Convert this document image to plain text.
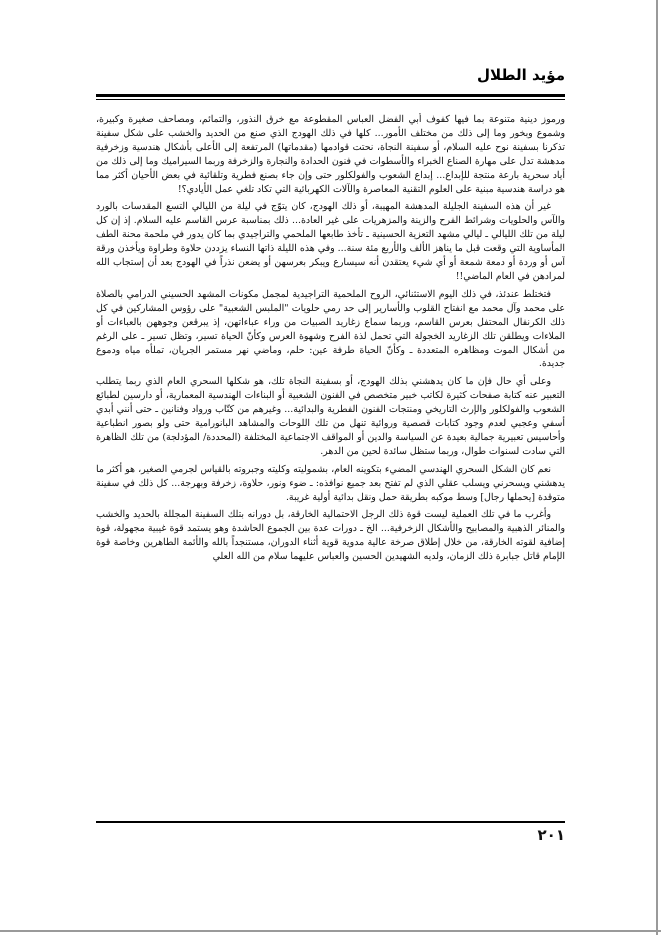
مؤيد الطلال

ورموز دينية متنوعة بما فيها كفوف أبي الفضل العباس المقطوعة مع خرق النذور، والتمائم، ومصاحف صغيرة وكبيرة، وشموع وبخور وما إلى ذلك من مختلف الأمور... كلها في ذلك الهودج الذي صنع من الحديد والخشب على شكل سفينة تذكرنا بسفينة نوح عليه السلام، أو سفينة النجاة، نحتت قوادمها (مقدماتها) المرتفعة إلى الأعلى بأشكال هندسية وزخرفية مدهشة تدل على مهارة الصناع الخبراء والأسطوات في فنون الحدادة والنجارة والزخرفة وربما السيراميك وما إلى ذلك من أياد سحرية بارعة منتجة للإبداع... إبداع الشعوب والفولكلور حتى وإن جاء بصنع فطرية وتلقائية في بعض الأحيان أكثر مما هو دراسة هندسية مبنية على العلوم التقنية المعاصرة والآلات الكهربائية التي تكاد تلغي عمل الأيادي؟!

غير أن هذه السفينة الجليلة المدهشة المهيبة، أو ذلك الهودج، كان يتوّج في ليلة من الليالي التسع المقدسات بالورد والآس والحلويات وشرائط الفرح والزينة والمزهريات على غير العادة... ذلك بمناسبة عرس القاسم عليه السلام. إذ إن كل ليلة من تلك الليالي ـ ليالي مشهد التعزية الحسينية ـ تأخذ طابعها الملحمي والتراجيدي بما كان يدور في ملحمة محنة الطف المأساوية التي وقعت قبل ما يناهز الألف والأربع مئة سنة... وفي هذه الليلة ذاتها النساء يزددن حلاوة وطراوة ويأخذن ورقة آس أو وردة أو دمعة شمعة أو أي شيء يعتقدن أنه سيسارع ويبكر بعرسهن أو يضعن نذراً في الهودج بعد أن إستجاب الله لمرادهن في العام الماضي!!

فتختلط عندئذ، في ذلك اليوم الاستثنائي، الروح الملحمية التراجيدية لمجمل مكونات المشهد الحسيني الدرامي بالصلاة على محمد وآل محمد مع انفتاح القلوب والأسارير إلى حد رمي حلويات "الملبس الشعبية" على رؤوس المشاركين في كل ذلك الكرنفال المحتفل بعرس القاسم، وربما سماع زغاريد الصبيات من وراء عباءاتهن، إذ يبرقعن وجوههن بالعباءات أو الملاءات ويطلقن تلك الزغاريد الخجولة التي تحمل لذة الفرح وشهوة العرس وكأنّ الحياة تسير، وتظل تسير ـ على الرغم من أشكال الموت ومظاهره المتعددة ـ وكأنّ الحياة طرفة عين: حلم، وماضي نهر مستمر الجريان، تملأه مياه ودموع جديدة.

وعلى أي حال فإن ما كان يدهشني بذلك الهودج، أو بسفينة النجاة تلك، هو شكلها السحري العام الذي ربما يتطلب التعبير عنه كتابة صفحات كثيرة لكاتب خبير متخصص في الفنون الشعبية أو البناءات الهندسية المعمارية، أو دارسين لطبائع الشعوب والفولكلور والإرث التاريخي ومنتجات الفنون الفطرية والبدائية... وغيرهم من كتّاب ورواد وفنانين ـ حتى أنني أبدي أسفي وعجبي لعدم وجود كتابات قصصية وروائية تنهل من تلك اللوحات والمشاهد البانورامية حتى ولو بصور انطباعية وأحاسيس تعبيرية جمالية بعيدة عن السياسة والدين أو المواقف الاجتماعية المختلفة (المحددة/ المؤدلجة) من تلك الظاهرة التي سادت لسنوات طوال، وربما ستظل سائدة لحين من الدهر.

نعم كان الشكل السحري الهندسي المضيء بتكوينه العام، بشموليته وكليته وجبروته بالقياس لجرمي الصغير، هو أكثر ما يدهشني ويسحرني ويسلب عقلي الذي لم تفتح بعد جميع نوافذه: ـ ضوء ونور، حلاوة، زخرفة وبهرجة... كل ذلك في سفينة متوقدة [يحملها رجال] وسط موكبه بطريقة حمل ونقل بدائية أولية غريبة.

وأغرب ما في تلك العملية ليست قوة ذلك الرجل الاحتمالية الخارقة، بل دورانه بتلك السفينة المجللة بالحديد والخشب والمنائر الذهبية والمصابيح والأشكال الزخرفية... الخ ـ دورات عدة بين الجموع الحاشدة وهو يستمد قوة غيبية مجهولة، قوة إضافية لقوته الخارقة، من خلال إطلاق صرخة عالية مدوية قوية أثناء الدوران، مستنجداً بالله والأئمة الطاهرين وخاصة قوة الإمام قاتل جبابرة ذلك الزمان، ولديه الشهيدين الحسين والعباس عليهما سلام من الله العلي

٢٠١
